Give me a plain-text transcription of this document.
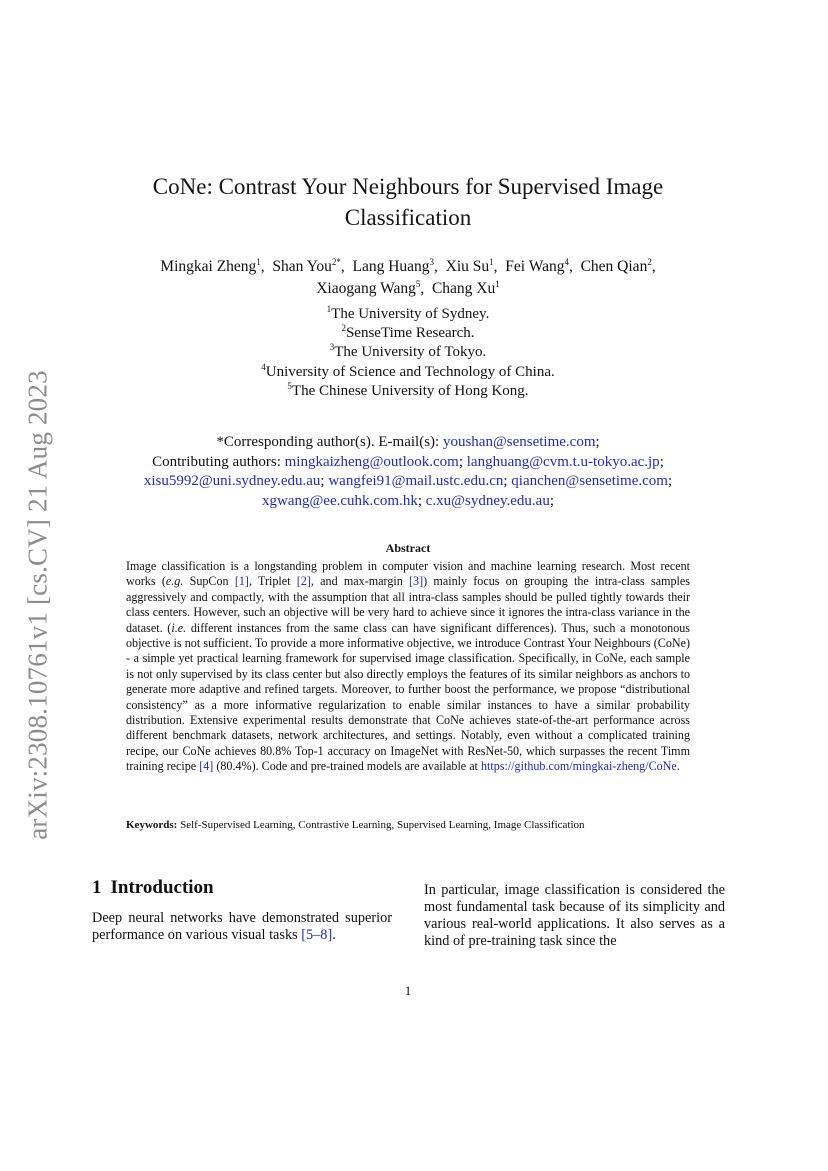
arXiv:2308.10761v1 [cs.CV] 21 Aug 2023
CoNe: Contrast Your Neighbours for Supervised Image Classification
Mingkai Zheng$^1$,  Shan You$^{2*}$,  Lang Huang$^3$,  Xiu Su$^1$,  Fei Wang$^4$,  Chen Qian$^2$,
Xiaogang Wang$^5$,  Chang Xu$^1$
$^1$The University of Sydney.
$^2$SenseTime Research.
$^3$The University of Tokyo.
$^4$University of Science and Technology of China.
$^5$The Chinese University of Hong Kong.
*Corresponding author(s). E-mail(s): youshan@sensetime.com;
Contributing authors: mingkaizheng@outlook.com; langhuang@cvm.t.u-tokyo.ac.jp;
xisu5992@uni.sydney.edu.au; wangfei91@mail.ustc.edu.cn; qianchen@sensetime.com;
xgwang@ee.cuhk.com.hk; c.xu@sydney.edu.au;
Abstract
Image classification is a longstanding problem in computer vision and machine learning research. Most recent works (e.g. SupCon [1], Triplet [2], and max-margin [3]) mainly focus on grouping the intra-class samples aggressively and compactly, with the assumption that all intra-class samples should be pulled tightly towards their class centers. However, such an objective will be very hard to achieve since it ignores the intra-class variance in the dataset. (i.e. different instances from the same class can have significant differences). Thus, such a monotonous objective is not sufficient. To provide a more informative objective, we introduce Contrast Your Neighbours (CoNe) - a simple yet practical learning framework for supervised image classification. Specifically, in CoNe, each sample is not only supervised by its class center but also directly employs the features of its similar neighbors as anchors to generate more adaptive and refined targets. Moreover, to further boost the performance, we propose “distributional consistency” as a more informative regularization to enable similar instances to have a similar probability distribution. Extensive experimental results demonstrate that CoNe achieves state-of-the-art performance across different benchmark datasets, network architectures, and settings. Notably, even without a complicated training recipe, our CoNe achieves 80.8% Top-1 accuracy on ImageNet with ResNet-50, which surpasses the recent Timm training recipe [4] (80.4%). Code and pre-trained models are available at https://github.com/mingkai-zheng/CoNe.
Keywords: Self-Supervised Learning, Contrastive Learning, Supervised Learning, Image Classification
1 Introduction
Deep neural networks have demonstrated superior performance on various visual tasks [5–8].
In particular, image classification is considered the most fundamental task because of its simplicity and various real-world applications. It also serves as a kind of pre-training task since the
1
